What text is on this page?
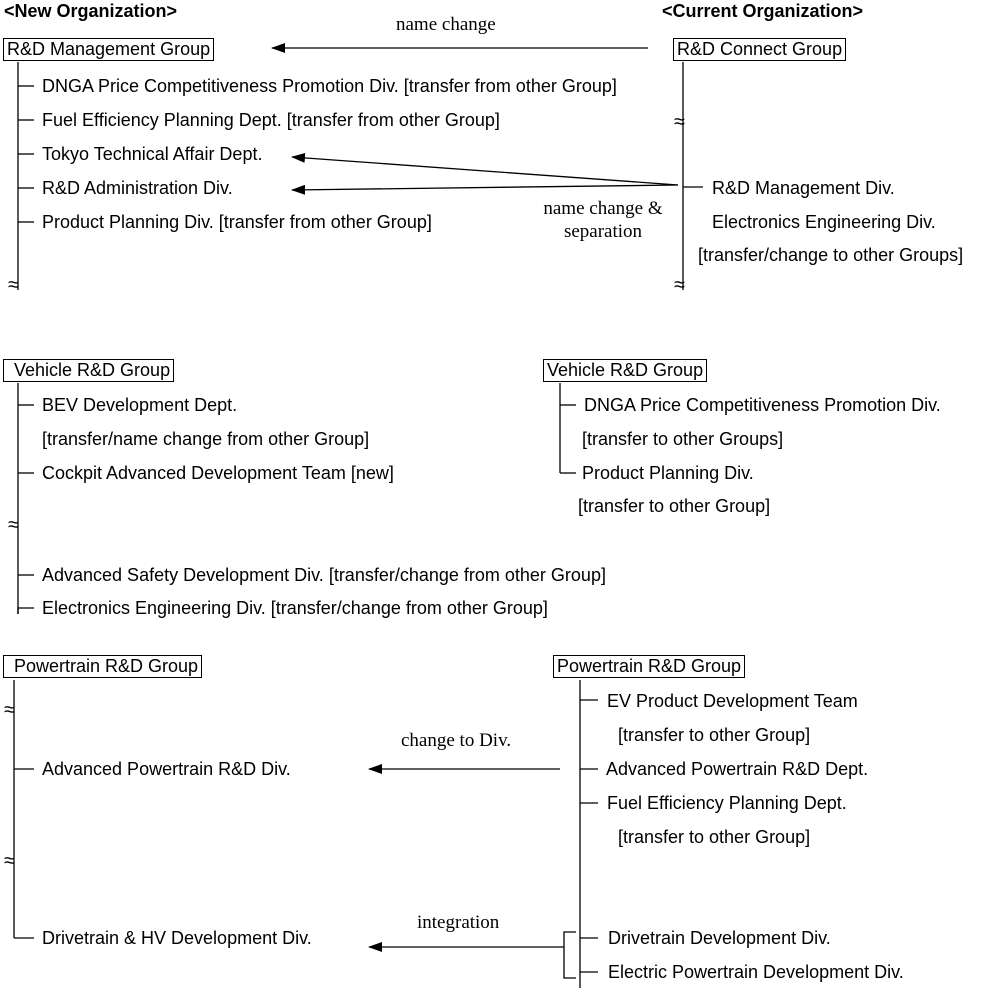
<New Organization>	<Current Organization>
R&D Management Group	R&D Connect Group
name change
DNGA Price Competitiveness Promotion Div. [transfer from other Group]
Fuel Efficiency Planning Dept. [transfer from other Group]
Tokyo Technical Affair Dept.
R&D Administration Div.
Product Planning Div. [transfer from other Group]
R&D Management Div.
Electronics Engineering Div.
[transfer/change to other Groups]
name change &
separation
≈
≈
≈
Vehicle R&D Group	Vehicle R&D Group
BEV Development Dept.
[transfer/name change from other Group]
Cockpit Advanced Development Team [new]
Advanced Safety Development Div. [transfer/change from other Group]
Electronics Engineering Div. [transfer/change from other Group]
DNGA Price Competitiveness Promotion Div.
[transfer to other Groups]
Product Planning Div.
[transfer to other Group]
≈
Powertrain R&D Group	Powertrain R&D Group
Advanced Powertrain R&D Div.
Drivetrain & HV Development Div.
EV Product Development Team
[transfer to other Group]
Advanced Powertrain R&D Dept.
Fuel Efficiency Planning Dept.
[transfer to other Group]
Drivetrain Development Div.
Electric Powertrain Development Div.
change to Div.
integration
≈
≈
